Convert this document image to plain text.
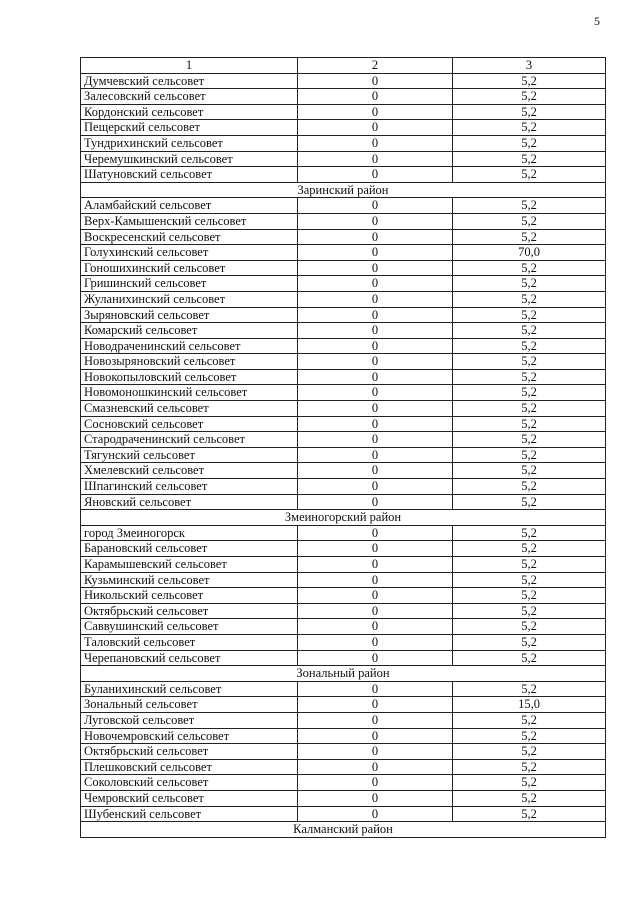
5
1	2	3
Думчевский сельсовет	0	5,2
Залесовский сельсовет	0	5,2
Кордонский сельсовет	0	5,2
Пещерский сельсовет	0	5,2
Тундрихинский сельсовет	0	5,2
Черемушкинский сельсовет	0	5,2
Шатуновский сельсовет	0	5,2
Заринский район		
Аламбайский сельсовет	0	5,2
Верх-Камышенский сельсовет	0	5,2
Воскресенский сельсовет	0	5,2
Голухинский сельсовет	0	70,0
Гоношихинский сельсовет	0	5,2
Гришинский сельсовет	0	5,2
Жуланихинский сельсовет	0	5,2
Зыряновский сельсовет	0	5,2
Комарский сельсовет	0	5,2
Новодраченинский сельсовет	0	5,2
Новозыряновский сельсовет	0	5,2
Новокопыловский сельсовет	0	5,2
Новомоношкинский сельсовет	0	5,2
Смазневский сельсовет	0	5,2
Сосновский сельсовет	0	5,2
Стародраченинский сельсовет	0	5,2
Тягунский сельсовет	0	5,2
Хмелевский сельсовет	0	5,2
Шпагинский сельсовет	0	5,2
Яновский сельсовет	0	5,2
Змеиногорский район		
город Змеиногорск	0	5,2
Барановский сельсовет	0	5,2
Карамышевский сельсовет	0	5,2
Кузьминский сельсовет	0	5,2
Никольский сельсовет	0	5,2
Октябрьский сельсовет	0	5,2
Саввушинский сельсовет	0	5,2
Таловский сельсовет	0	5,2
Черепановский сельсовет	0	5,2
Зональный район		
Буланихинский сельсовет	0	5,2
Зональный сельсовет	0	15,0
Луговской сельсовет	0	5,2
Новочемровский сельсовет	0	5,2
Октябрьский сельсовет	0	5,2
Плешковский сельсовет	0	5,2
Соколовский сельсовет	0	5,2
Чемровский сельсовет	0	5,2
Шубенский сельсовет	0	5,2
Калманский район		
